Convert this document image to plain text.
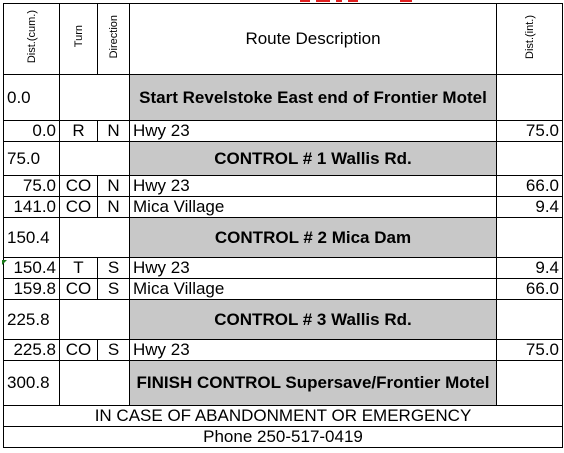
Dist.(cum.)	Turn	Direction	Route Description	Dist.(int.)
0.0			Start Revelstoke East end of Frontier Motel	
0.0	R	N	Hwy 23	75.0
75.0			CONTROL # 1 Wallis Rd.	
75.0	CO	N	Hwy 23	66.0
141.0	CO	N	Mica Village	9.4
150.4			CONTROL # 2 Mica Dam	
150.4	T	S	Hwy 23	9.4
159.8	CO	S	Mica Village	66.0
225.8			CONTROL # 3 Wallis Rd.	
225.8	CO	S	Hwy 23	75.0
300.8			FINISH CONTROL Supersave/Frontier Motel	
IN CASE OF ABANDONMENT OR EMERGENCY				
Phone 250-517-0419				
